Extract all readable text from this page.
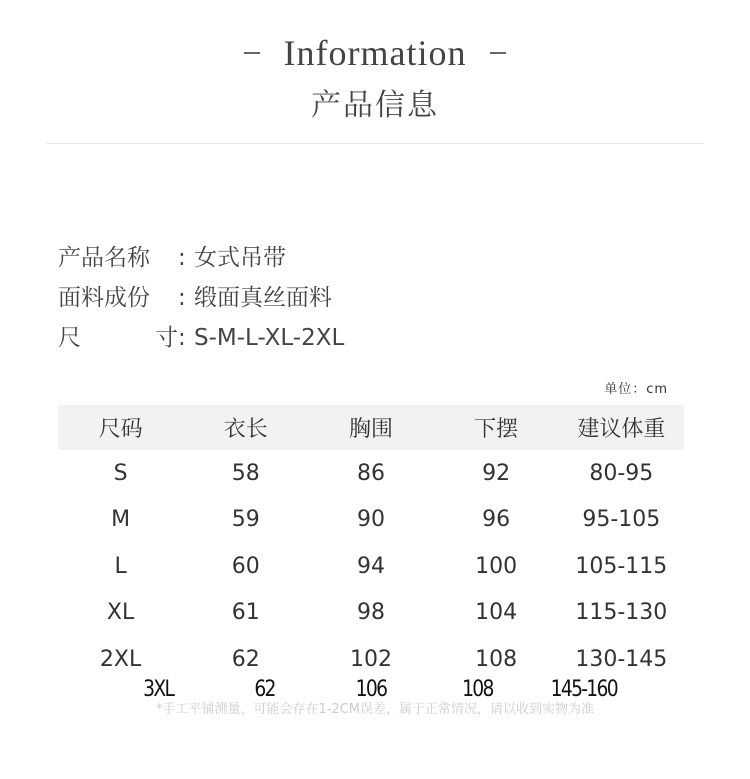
Information
产品信息
产品名称	: 女式吊带
面料成份	: 缎面真丝面料
尺	寸 : S-M-L-XL-2XL
单位：cm
尺码	衣长	胸围	下摆	建议体重
S	58	86	92	80-95
M	59	90	96	95-105
L	60	94	100	105-115
XL	61	98	104	115-130
2XL	62	102	108	130-145
3XL	62	106	108	145-160
*手工平铺测量，可能会存在1-2CM误差，属于正常情况，请以收到实物为准
